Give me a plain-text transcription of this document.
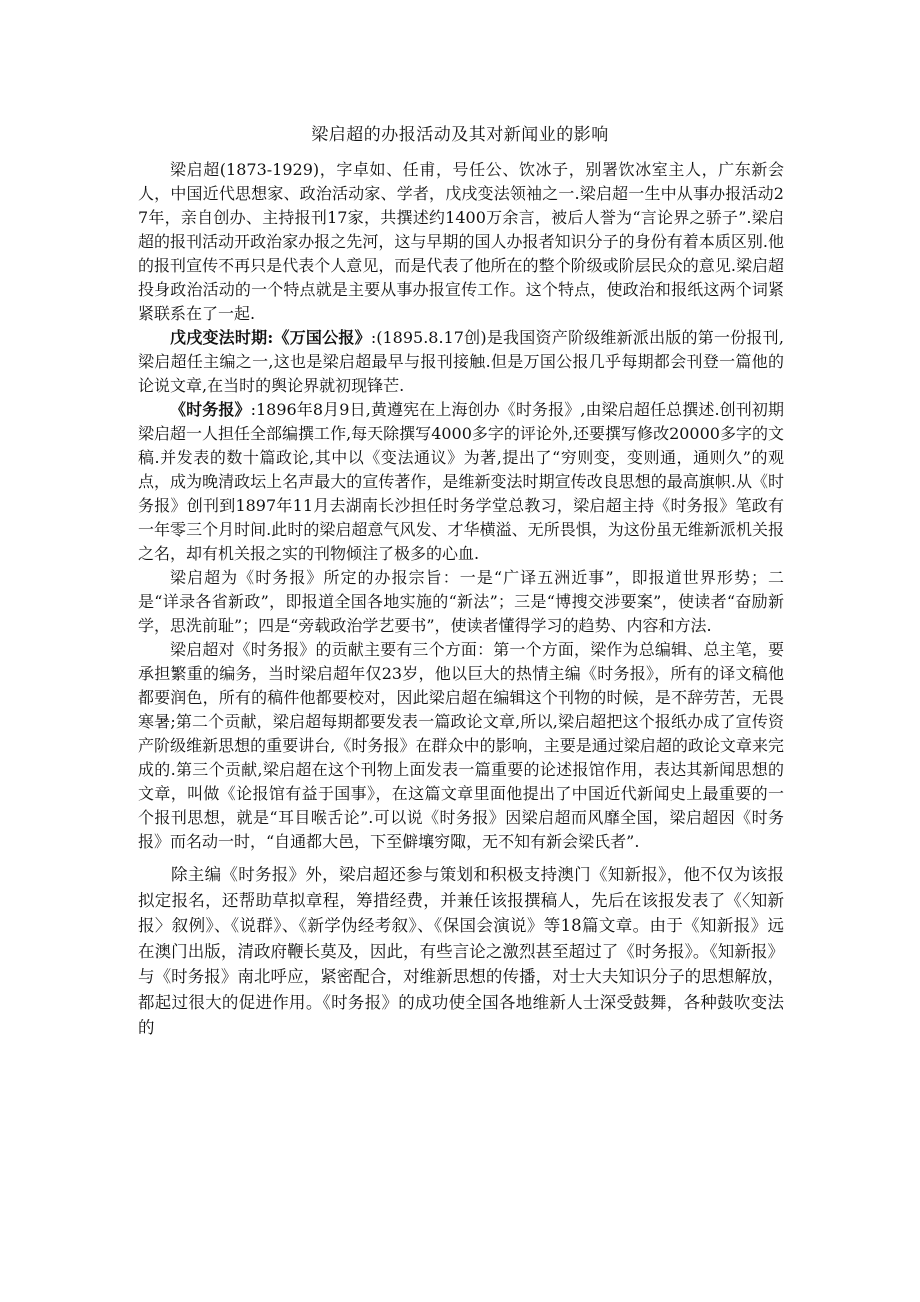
梁启超的办报活动及其对新闻业的影响

梁启超(1873-1929)，字卓如、任甫，号任公、饮冰子，别署饮冰室主人，广东新会人，中国近代思想家、政治活动家、学者，戊戌变法领袖之一.梁启超一生中从事办报活动27年，亲自创办、主持报刊17家，共撰述约1400万余言，被后人誉为“言论界之骄子”.梁启超的报刊活动开政治家办报之先河，这与早期的国人办报者知识分子的身份有着本质区别.他的报刊宣传不再只是代表个人意见，而是代表了他所在的整个阶级或阶层民众的意见.梁启超投身政治活动的一个特点就是主要从事办报宣传工作。这个特点，使政治和报纸这两个词紧紧联系在了一起.

戊戌变法时期:《万国公报》:(1895.8.17创)是我国资产阶级维新派出版的第一份报刊,梁启超任主编之一,这也是梁启超最早与报刊接触.但是万国公报几乎每期都会刊登一篇他的论说文章,在当时的舆论界就初现锋芒.

《时务报》:1896年8月9日,黄遵宪在上海创办《时务报》,由梁启超任总撰述.创刊初期梁启超一人担任全部编撰工作,每天除撰写4000多字的评论外,还要撰写修改20000多字的文稿.并发表的数十篇政论,其中以《变法通议》为著,提出了“穷则变，变则通，通则久”的观点，成为晚清政坛上名声最大的宣传著作，是维新变法时期宣传改良思想的最高旗帜.从《时务报》创刊到1897年11月去湖南长沙担任时务学堂总教习，梁启超主持《时务报》笔政有一年零三个月时间.此时的梁启超意气风发、才华横溢、无所畏惧，为这份虽无维新派机关报之名，却有机关报之实的刊物倾注了极多的心血.

梁启超为《时务报》所定的办报宗旨：一是“广译五洲近事”，即报道世界形势；二是“详录各省新政”，即报道全国各地实施的“新法”；三是“博搜交涉要案”，使读者“奋励新学，思洗前耻”；四是“旁载政治学艺要书”，使读者懂得学习的趋势、内容和方法.

梁启超对《时务报》的贡献主要有三个方面：第一个方面，梁作为总编辑、总主笔，要承担繁重的编务，当时梁启超年仅23岁，他以巨大的热情主编《时务报》，所有的译文稿他都要润色，所有的稿件他都要校对，因此梁启超在编辑这个刊物的时候，是不辞劳苦，无畏寒暑;第二个贡献，梁启超每期都要发表一篇政论文章,所以,梁启超把这个报纸办成了宣传资产阶级维新思想的重要讲台,《时务报》在群众中的影响，主要是通过梁启超的政论文章来完成的.第三个贡献,梁启超在这个刊物上面发表一篇重要的论述报馆作用，表达其新闻思想的文章，叫做《论报馆有益于国事》，在这篇文章里面他提出了中国近代新闻史上最重要的一个报刊思想，就是“耳目喉舌论”.可以说《时务报》因梁启超而风靡全国，梁启超因《时务报》而名动一时，“自通都大邑，下至僻壤穷陬，无不知有新会梁氏者”.

除主编《时务报》外，梁启超还参与策划和积极支持澳门《知新报》，他不仅为该报拟定报名，还帮助草拟章程，筹措经费，并兼任该报撰稿人，先后在该报发表了《〈知新报〉叙例》、《说群》、《新学伪经考叙》、《保国会演说》等18篇文章。由于《知新报》远在澳门出版，清政府鞭长莫及，因此，有些言论之激烈甚至超过了《时务报》。《知新报》与《时务报》南北呼应，紧密配合，对维新思想的传播，对士大夫知识分子的思想解放，都起过很大的促进作用。《时务报》的成功使全国各地维新人士深受鼓舞，各种鼓吹变法的
